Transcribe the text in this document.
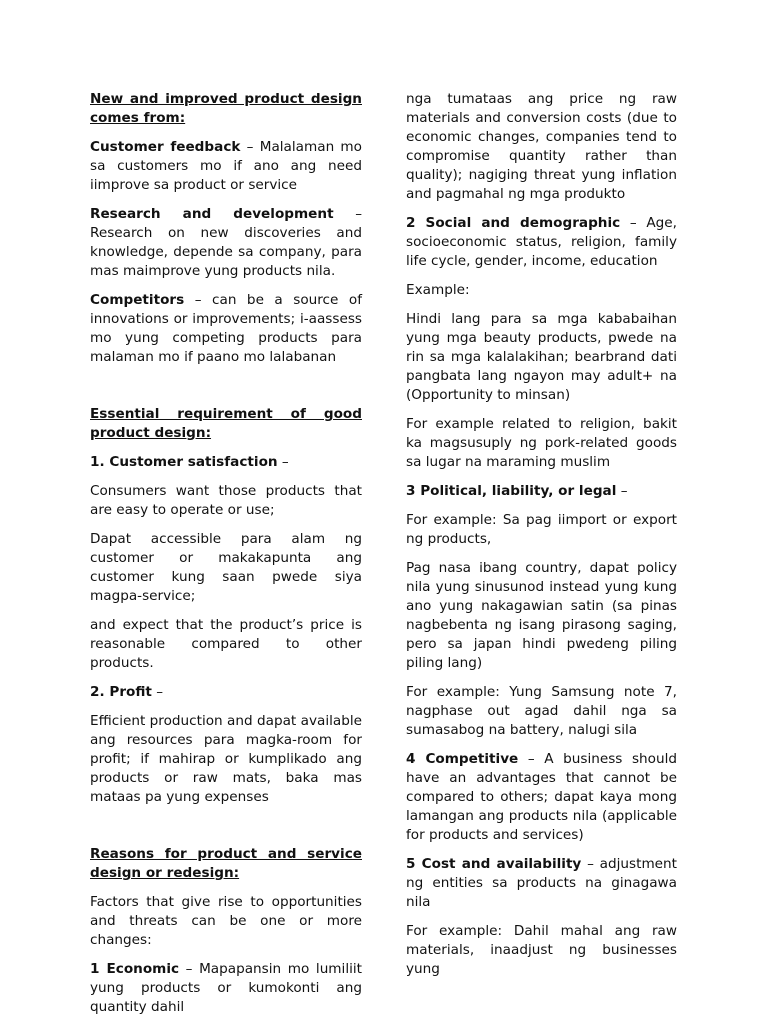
New and improved product design comes from:

Customer feedback – Malalaman mo sa customers mo if ano ang need iimprove sa product or service

Research and development – Research on new discoveries and knowledge, depende sa company, para mas maimprove yung products nila.

Competitors – can be a source of innovations or improvements; i-aassess mo yung competing products para malaman mo if paano mo lalabanan

Essential requirement of good product design:

1. Customer satisfaction –

Consumers want those products that are easy to operate or use;

Dapat accessible para alam ng customer or makakapunta ang customer kung saan pwede siya magpa-service;

and expect that the product’s price is reasonable compared to other products.

2. Profit –

Efficient production and dapat available ang resources para magka-room for profit; if mahirap or kumplikado ang products or raw mats, baka mas mataas pa yung expenses

Reasons for product and service design or redesign:

Factors that give rise to opportunities and threats can be one or more changes:

1 Economic – Mapapansin mo lumiliit yung products or kumokonti ang quantity dahil

nga tumataas ang price ng raw materials and conversion costs (due to economic changes, companies tend to compromise quantity rather than quality); nagiging threat yung inflation and pagmahal ng mga produkto

2 Social and demographic – Age, socioeconomic status, religion, family life cycle, gender, income, education

Example:

Hindi lang para sa mga kababaihan yung mga beauty products, pwede na rin sa mga kalalakihan; bearbrand dati pangbata lang ngayon may adult+ na (Opportunity to minsan)

For example related to religion, bakit ka magsusuply ng pork-related goods sa lugar na maraming muslim

3 Political, liability, or legal –

For example: Sa pag iimport or export ng products,

Pag nasa ibang country, dapat policy nila yung sinusunod instead yung kung ano yung nakagawian satin (sa pinas nagbebenta ng isang pirasong saging, pero sa japan hindi pwedeng piling piling lang)

For example: Yung Samsung note 7, nagphase out agad dahil nga sa sumasabog na battery, nalugi sila

4 Competitive – A business should have an advantages that cannot be compared to others; dapat kaya mong lamangan ang products nila (applicable for products and services)

5 Cost and availability – adjustment ng entities sa products na ginagawa nila

For example: Dahil mahal ang raw materials, inaadjust ng businesses yung
